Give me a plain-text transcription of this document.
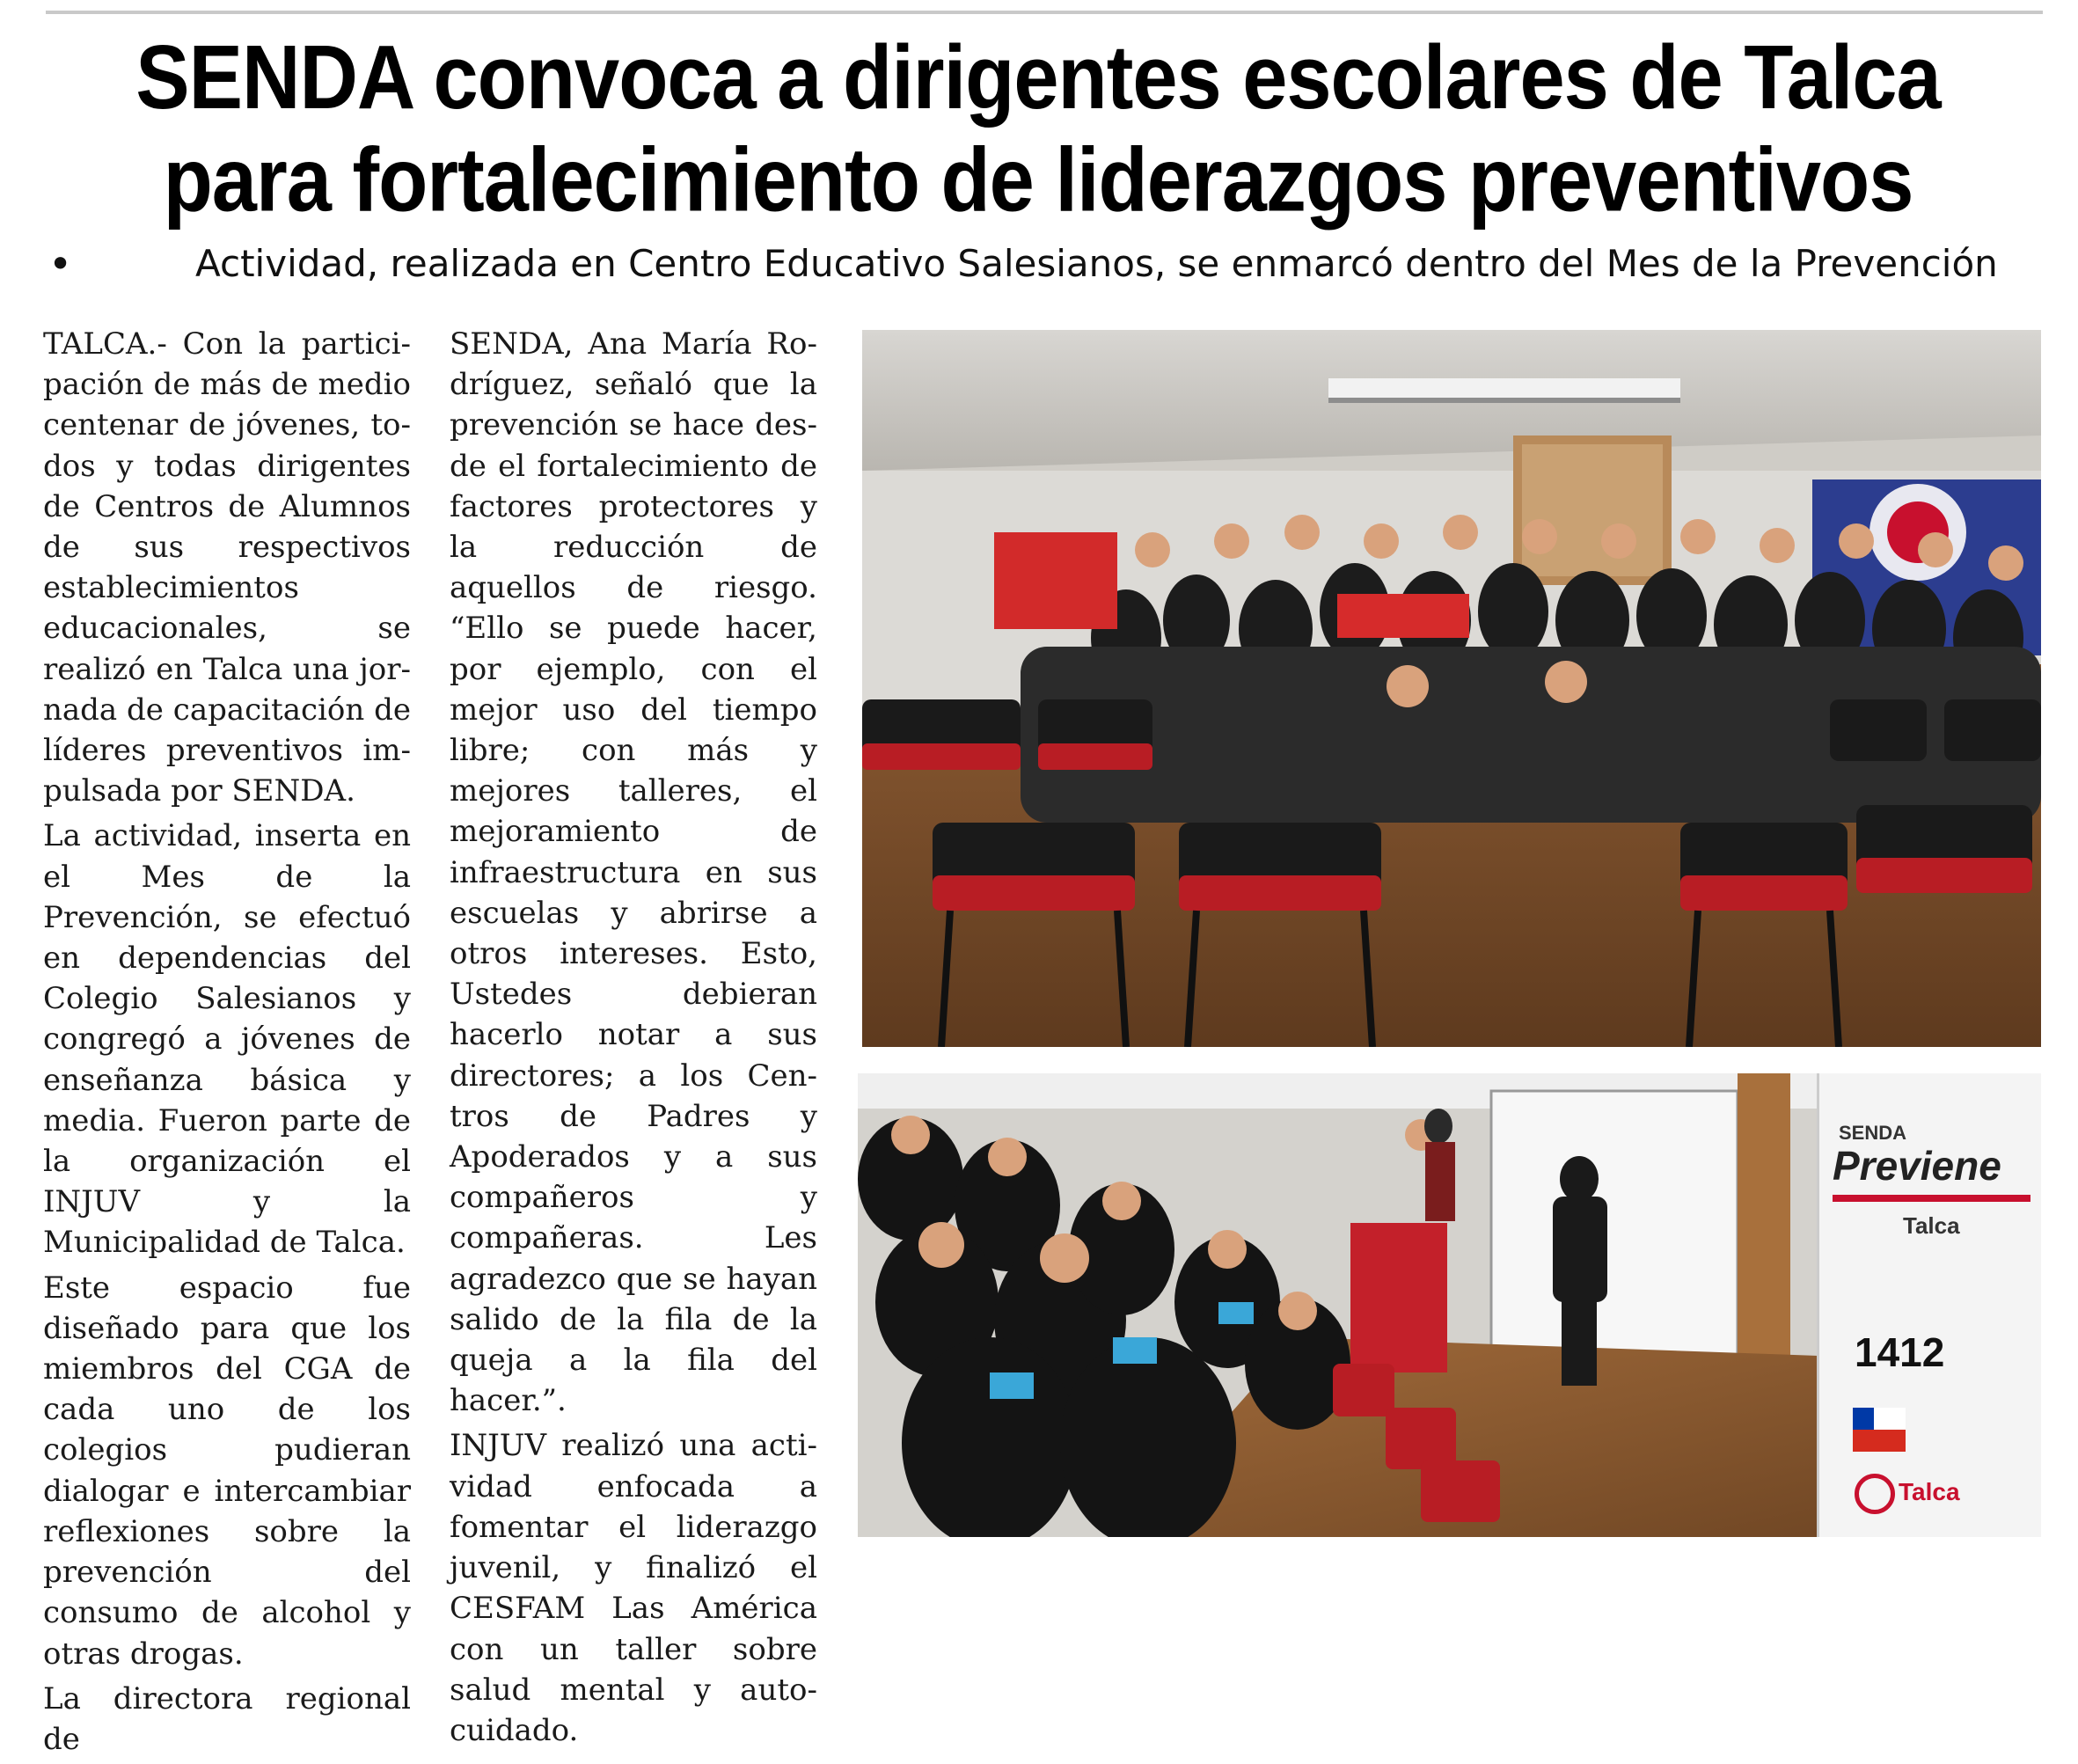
SENDA convoca a dirigentes escolares de Talca
para fortalecimiento de liderazgos preventivos
•	Actividad, realizada en Centro Educativo Salesianos, se enmarcó dentro del Mes de la Prevención

TALCA.- Con la participación de más de medio centenar de jóvenes, todos y todas dirigentes de Centros de Alumnos de sus respectivos establecimientos educacionales, se realizó en Talca una jornada de capacitación de líderes preventivos impulsada por SENDA.

La actividad, inserta en el Mes de la Prevención, se efectuó en dependencias del Colegio Salesianos y congregó a jóvenes de enseñanza básica y media. Fueron parte de la organización el INJUV y la Municipalidad de Talca.

Este espacio fue diseñado para que los miembros del CGA de cada uno de los colegios pudieran dialogar e intercambiar reflexiones sobre la prevención del consumo de alcohol y otras drogas.

La directora regional de

SENDA, Ana María Rodríguez, señaló que la prevención se hace desde el fortalecimiento de factores protectores y la reducción de aquellos de riesgo. “Ello se puede hacer, por ejemplo, con el mejor uso del tiempo libre; con más y mejores talleres, el mejoramiento de infraestructura en sus escuelas y abrirse a otros intereses. Esto, Ustedes debieran hacerlo notar a sus directores; a los Centros de Padres y Apoderados y a sus compañeros y compañeras. Les agradezco que se hayan salido de la fila de la queja a la fila del hacer.”.

INJUV realizó una actividad enfocada a fomentar el liderazgo juvenil, y finalizó el CESFAM Las América con un taller sobre salud mental y autocuidado.

SENDA
Previene
Talca
1412
Talca
